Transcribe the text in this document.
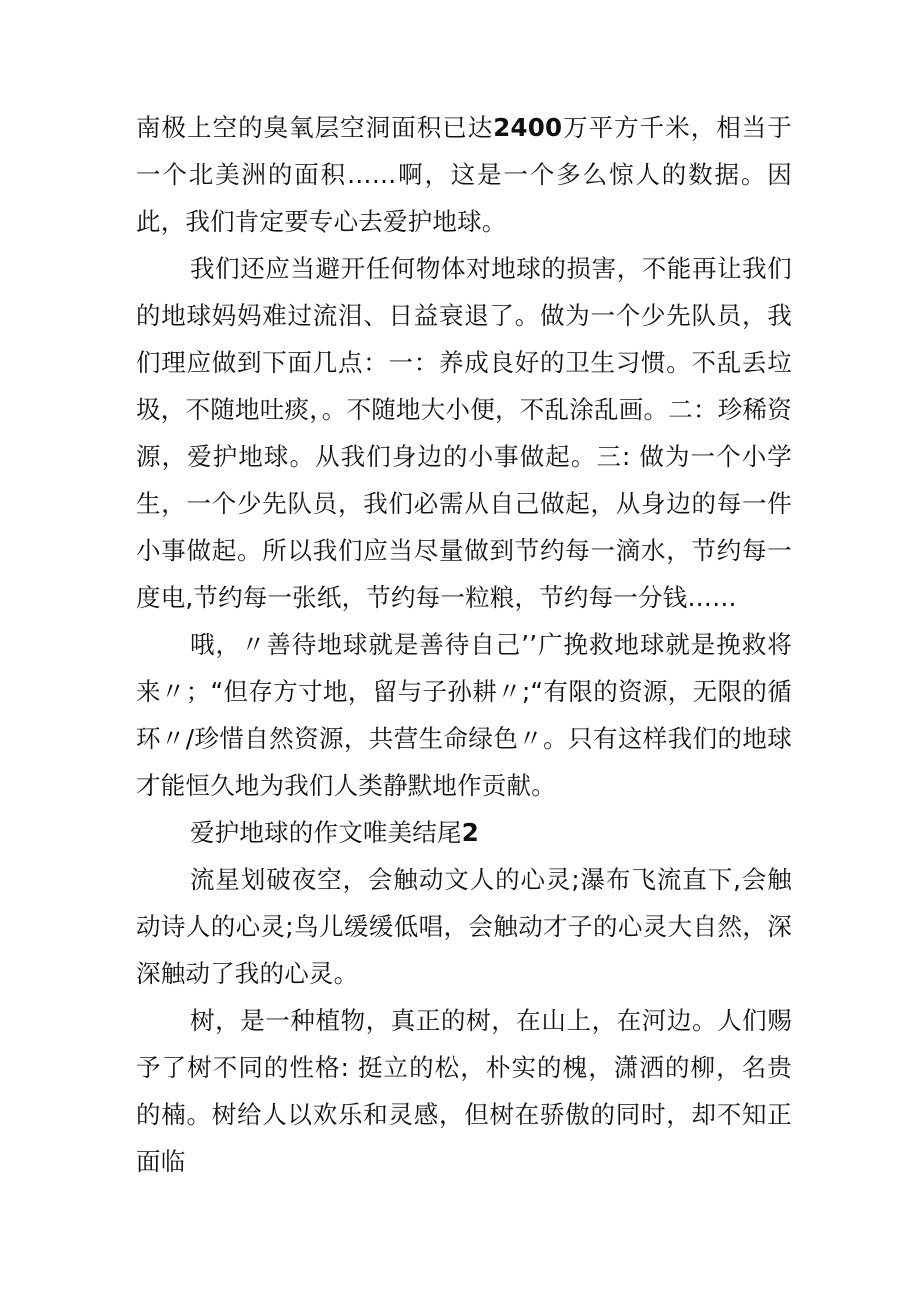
南极上空的臭氧层空洞面积已达2400万平方千米，相当于一个北美洲的面积……啊，这是一个多么惊人的数据。因此，我们肯定要专心去爱护地球。

我们还应当避开任何物体对地球的损害，不能再让我们的地球妈妈难过流泪、日益衰退了。做为一个少先队员，我们理应做到下面几点：一：养成良好的卫生习惯。不乱丢垃圾，不随地吐痰，。不随地大小便，不乱涂乱画。二：珍稀资源，爱护地球。从我们身边的小事做起。三: 做为一个小学生，一个少先队员，我们必需从自己做起，从身边的每一件小事做起。所以我们应当尽量做到节约每一滴水，节约每一度电,节约每一张纸，节约每一粒粮，节约每一分钱……

哦，〃善待地球就是善待自己’’广挽救地球就是挽救将来〃；“但存方寸地，留与子孙耕〃;“有限的资源，无限的循环〃/珍惜自然资源，共营生命绿色〃。只有这样我们的地球才能恒久地为我们人类静默地作贡献。

爱护地球的作文唯美结尾2

流星划破夜空，会触动文人的心灵;瀑布飞流直下,会触动诗人的心灵;鸟儿缓缓低唱，会触动才子的心灵大自然，深深触动了我的心灵。

树，是一种植物，真正的树，在山上，在河边。人们赐予了树不同的性格: 挺立的松，朴实的槐，潇洒的柳，名贵的楠。树给人以欢乐和灵感，但树在骄傲的同时，却不知正面临
